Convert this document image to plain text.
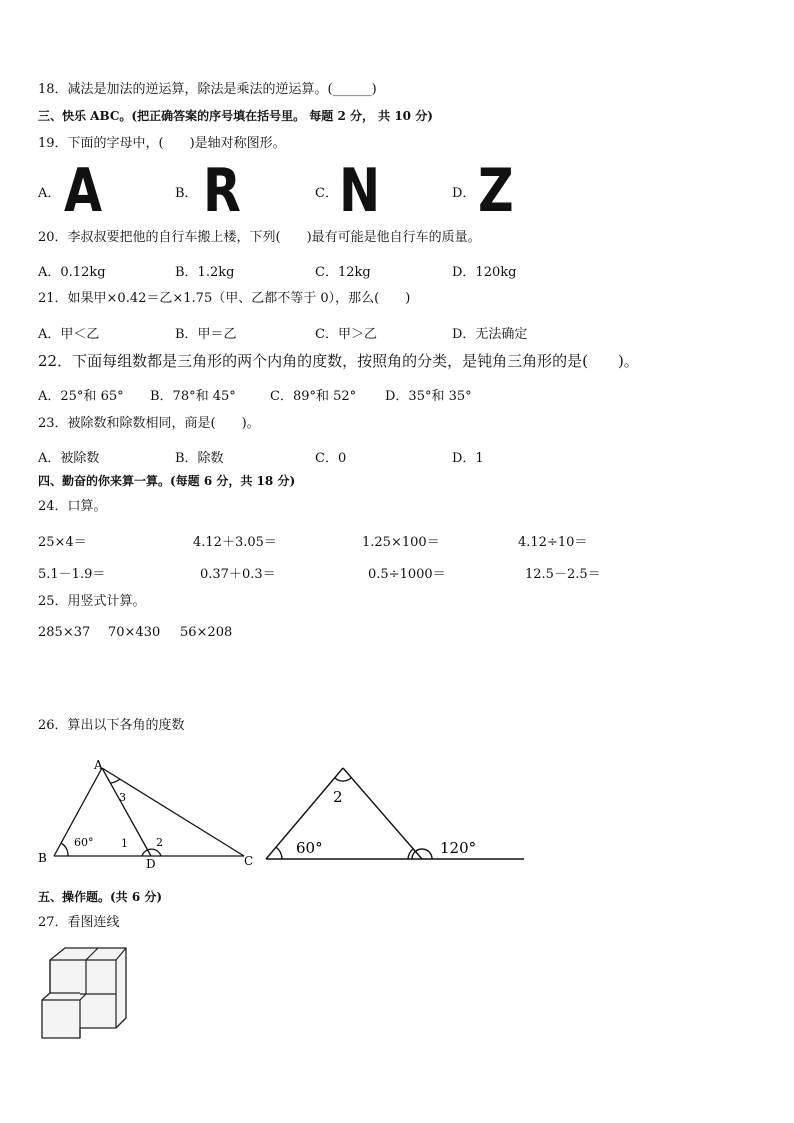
18．减法是加法的逆运算，除法是乘法的逆运算。(______)
三、快乐 ABC。(把正确答案的序号填在括号里。 每题 2 分， 共 10 分)
19．下面的字母中，(　　)是轴对称图形。
A． A	B． R	C． N	D． Z
20．李叔叔要把他的自行车搬上楼，下列(　　)最有可能是他自行车的质量。
A．0.12kg	B．1.2kg	C．12kg	D．120kg
21．如果甲×0.42＝乙×1.75（甲、乙都不等于 0），那么(　　)
A．甲＜乙	B．甲＝乙	C．甲＞乙	D．无法确定
22．下面每组数都是三角形的两个内角的度数，按照角的分类，是钝角三角形的是(　　)。
A．25°和 65° B．78°和 45°	C．89°和 52° D．35°和 35°
23．被除数和除数相同，商是(　　)。
A．被除数	B．除数	C．0	D．1
四、勤奋的你来算一算。(每题 6 分，共 18 分)
24．口算。
25×4＝	4.12＋3.05＝	1.25×100＝	4.12÷10＝
5.1－1.9＝	0.37＋0.3＝	0.5÷1000＝	12.5－2.5＝
25．用竖式计算。
285×37 70×430 56×208
26．算出以下各角的度数
A
B	C
D
60°	1	2
3
60°	120°
2
五、操作题。(共 6 分)
27．看图连线
